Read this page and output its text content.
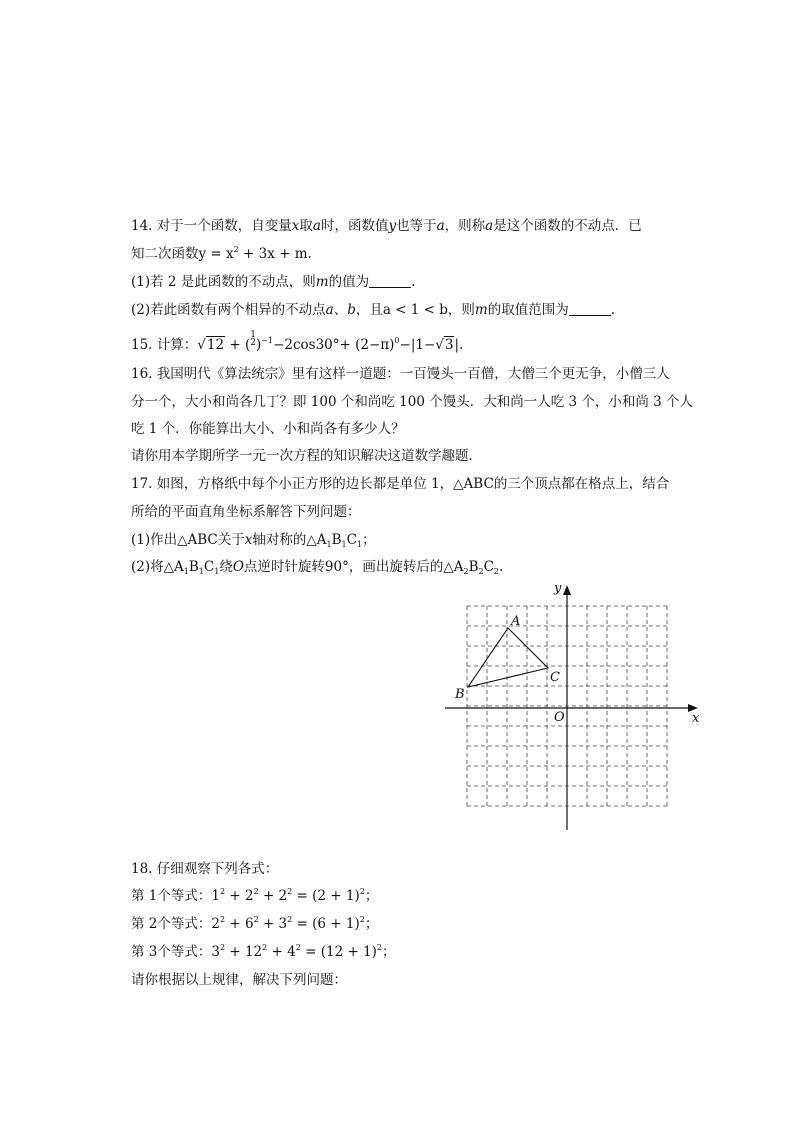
14. 对于一个函数，自变量x取a时，函数值y也等于a，则称a是这个函数的不动点．已
知二次函数$y = x^2 + 3x + m$.
(1)若 2 是此函数的不动点，则m的值为	.
(2)若此函数有两个相异的不动点a、b，且a < 1 < b，则m的取值范围为	.
15. 计算：√12 + (1
$2)^{-1}-2\cos 30^\circ+ (2-\pi)^0-|1-√3|$.
16. 我国明代《算法统宗》里有这样一道题：一百馒头一百僧，大僧三个更无争，小僧三人
分一个，大小和尚各几丁？即 100 个和尚吃 100 个馒头．大和尚一人吃 3 个，小和尚 3 个人
吃 1 个．你能算出大小、小和尚各有多少人？
请你用本学期所学一元一次方程的知识解决这道数学趣题．
17. 如图，方格纸中每个小正方形的边长都是单位 1，△ABC的三个顶点都在格点上，结合
所给的平面直角坐标系解答下列问题：
(1)作出△ABC关于x轴对称的$\triangle A_1B_1C_1$；
(2)将$\triangle A_1B_1C_1$绕O点逆时针旋转90°，画出旋转后的$\triangle A_2B_2C_2$.
x
y
A
B
C
O
18. 仔细观察下列各式：
第 1个等式：$1^2 + 2^2 + 2^2 = (2 + 1)^2$；
第 2个等式：$2^2 + 6^2 + 3^2 = (6 + 1)^2$；
第 3个等式：$3^2 + 12^2 + 4^2 = (12 + 1)^2$；
请你根据以上规律，解决下列问题：
